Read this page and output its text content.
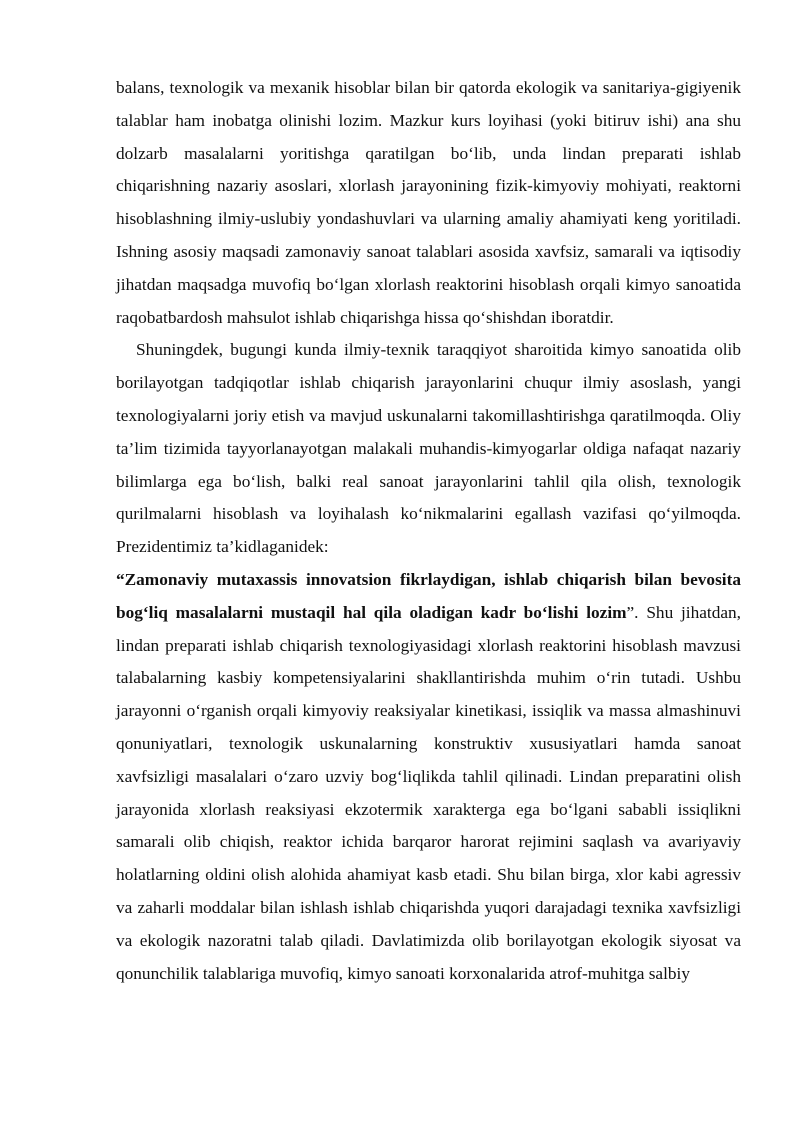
balans, texnologik va mexanik hisoblar bilan bir qatorda ekologik va sanitariya-gigiyenik talablar ham inobatga olinishi lozim. Mazkur kurs loyihasi (yoki bitiruv ishi) ana shu dolzarb masalalarni yoritishga qaratilgan bo‘lib, unda lindan preparati ishlab chiqarishning nazariy asoslari, xlorlash jarayonining fizik-kimyoviy mohiyati, reaktorni hisoblashning ilmiy-uslubiy yondashuvlari va ularning amaliy ahamiyati keng yoritiladi. Ishning asosiy maqsadi zamonaviy sanoat talablari asosida xavfsiz, samarali va iqtisodiy jihatdan maqsadga muvofiq bo‘lgan xlorlash reaktorini hisoblash orqali kimyo sanoatida raqobatbardosh mahsulot ishlab chiqarishga hissa qo‘shishdan iboratdir.

Shuningdek, bugungi kunda ilmiy-texnik taraqqiyot sharoitida kimyo sanoatida olib borilayotgan tadqiqotlar ishlab chiqarish jarayonlarini chuqur ilmiy asoslash, yangi texnologiyalarni joriy etish va mavjud uskunalarni takomillashtirishga qaratilmoqda. Oliy ta’lim tizimida tayyorlanayotgan malakali muhandis-kimyogarlar oldiga nafaqat nazariy bilimlarga ega bo‘lish, balki real sanoat jarayonlarini tahlil qila olish, texnologik qurilmalarni hisoblash va loyihalash ko‘nikmalarini egallash vazifasi qo‘yilmoqda. Prezidentimiz ta’kidlaganidek:

“Zamonaviy mutaxassis innovatsion fikrlaydigan, ishlab chiqarish bilan bevosita bog‘liq masalalarni mustaqil hal qila oladigan kadr bo‘lishi lozim”. Shu jihatdan, lindan preparati ishlab chiqarish texnologiyasidagi xlorlash reaktorini hisoblash mavzusi talabalarning kasbiy kompetensiyalarini shakllantirishda muhim o‘rin tutadi. Ushbu jarayonni o‘rganish orqali kimyoviy reaksiyalar kinetikasi, issiqlik va massa almashinuvi qonuniyatlari, texnologik uskunalarning konstruktiv xususiyatlari hamda sanoat xavfsizligi masalalari o‘zaro uzviy bog‘liqlikda tahlil qilinadi. Lindan preparatini olish jarayonida xlorlash reaksiyasi ekzotermik xarakterga ega bo‘lgani sababli issiqlikni samarali olib chiqish, reaktor ichida barqaror harorat rejimini saqlash va avariyaviy holatlarning oldini olish alohida ahamiyat kasb etadi. Shu bilan birga, xlor kabi agressiv va zaharli moddalar bilan ishlash ishlab chiqarishda yuqori darajadagi texnika xavfsizligi va ekologik nazoratni talab qiladi. Davlatimizda olib borilayotgan ekologik siyosat va qonunchilik talablariga muvofiq, kimyo sanoati korxonalarida atrof-muhitga salbiy
